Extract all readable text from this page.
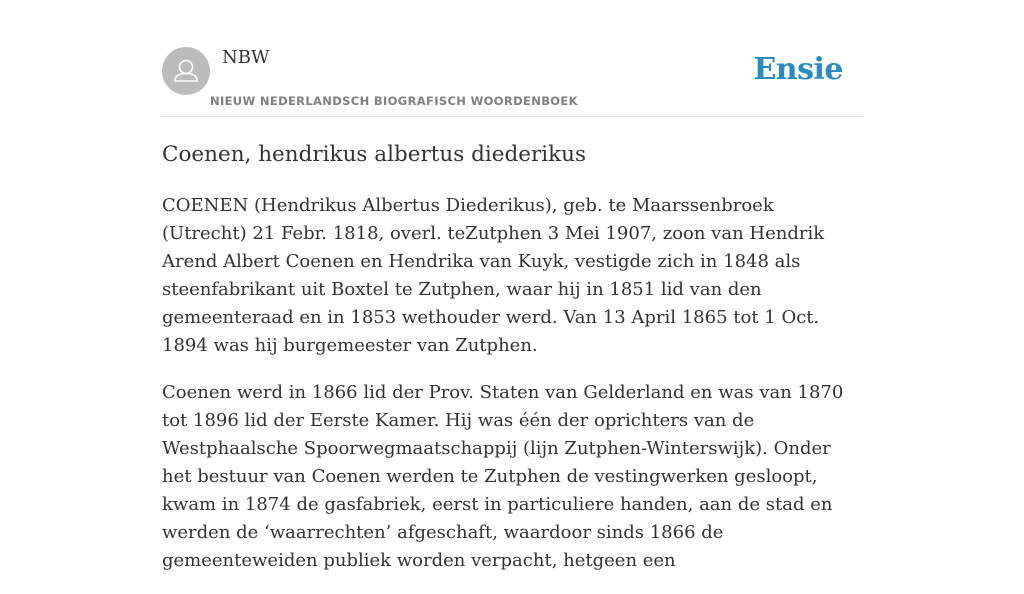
NBW
NIEUW NEDERLANDSCH BIOGRAFISCH WOORDENBOEK
Ensie
Coenen, hendrikus albertus diederikus

COENEN (Hendrikus Albertus Diederikus), geb. te Maarssenbroek (Utrecht) 21 Febr. 1818, overl. teZutphen 3 Mei 1907, zoon van Hendrik Arend Albert Coenen en Hendrika van Kuyk, vestigde zich in 1848 als steenfabrikant uit Boxtel te Zutphen, waar hij in 1851 lid van den gemeenteraad en in 1853 wethouder werd. Van 13 April 1865 tot 1 Oct. 1894 was hij burgemeester van Zutphen.

Coenen werd in 1866 lid der Prov. Staten van Gelderland en was van 1870 tot 1896 lid der Eerste Kamer. Hij was één der oprichters van de Westphaalsche Spoorwegmaatschappij (lijn Zutphen-Winterswijk). Onder het bestuur van Coenen werden te Zutphen de vestingwerken gesloopt, kwam in 1874 de gasfabriek, eerst in particuliere handen, aan de stad en werden de ‘waarrechten’ afgeschaft, waardoor sinds 1866 de gemeenteweiden publiek worden verpacht, hetgeen een
